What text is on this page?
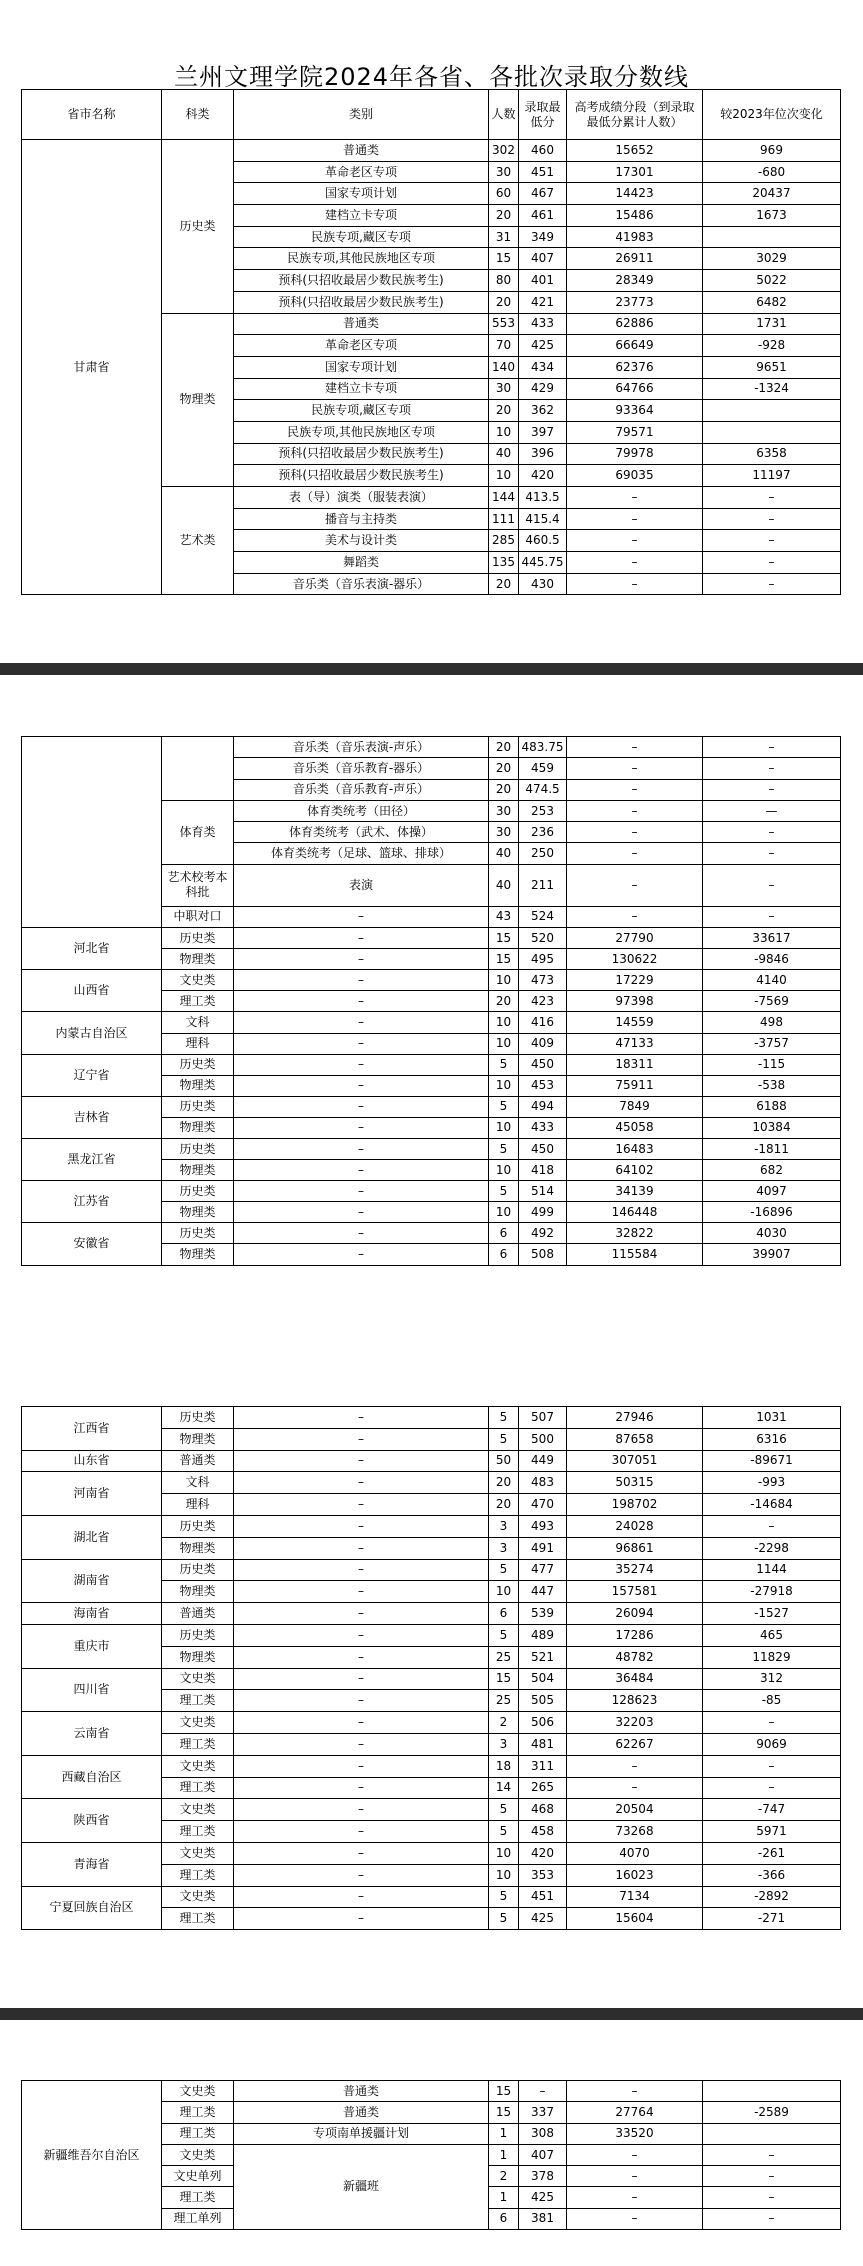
兰州文理学院2024年各省、各批次录取分数线
省市名称	科类	类别	人数	录取最低分	高考成绩分段（到录取最低分累计人数）	较2023年位次变化
甘肃省	历史类	普通类	302	460	15652	969
		革命老区专项	30	451	17301	-680
		国家专项计划	60	467	14423	20437
		建档立卡专项	20	461	15486	1673
		民族专项,藏区专项	31	349	41983	
		民族专项,其他民族地区专项	15	407	26911	3029
		预科(只招收最居少数民族考生)	80	401	28349	5022
		预科(只招收最居少数民族考生)	20	421	23773	6482
	物理类	普通类	553	433	62886	1731
		革命老区专项	70	425	66649	-928
		国家专项计划	140	434	62376	9651
		建档立卡专项	30	429	64766	-1324
		民族专项,藏区专项	20	362	93364	
		民族专项,其他民族地区专项	10	397	79571	
		预科(只招收最居少数民族考生)	40	396	79978	6358
		预科(只招收最居少数民族考生)	10	420	69035	11197
	艺术类	表（导）演类（服装表演）	144	413.5	–	–
		播音与主持类	111	415.4	–	–
		美术与设计类	285	460.5	–	–
		舞蹈类	135	445.75	–	–
		音乐类（音乐表演-器乐）	20	430	–	–
		音乐类（音乐表演-声乐）	20	483.75	–	–
		音乐类（音乐教育-器乐）	20	459	–	–
		音乐类（音乐教育-声乐）	20	474.5	–	–
	体育类	体育类统考（田径）	30	253	–	—
		体育类统考（武术、体操）	30	236	–	–
		体育类统考（足球、篮球、排球）	40	250	–	–
	艺术校考本科批	表演	40	211	–	–
	中职对口	–	43	524	–	–
河北省	历史类	–	15	520	27790	33617
	物理类	–	15	495	130622	-9846
山西省	文史类	–	10	473	17229	4140
	理工类	–	20	423	97398	-7569
内蒙古自治区	文科	–	10	416	14559	498
	理科	–	10	409	47133	-3757
辽宁省	历史类	–	5	450	18311	-115
	物理类	–	10	453	75911	-538
吉林省	历史类	–	5	494	7849	6188
	物理类	–	10	433	45058	10384
黑龙江省	历史类	–	5	450	16483	-1811
	物理类	–	10	418	64102	682
江苏省	历史类	–	5	514	34139	4097
	物理类	–	10	499	146448	-16896
安徽省	历史类	–	6	492	32822	4030
	物理类	–	6	508	115584	39907
江西省	历史类	–	5	507	27946	1031
	物理类	–	5	500	87658	6316
山东省	普通类	–	50	449	307051	-89671
河南省	文科	–	20	483	50315	-993
	理科	–	20	470	198702	-14684
湖北省	历史类	–	3	493	24028	–
	物理类	–	3	491	96861	-2298
湖南省	历史类	–	5	477	35274	1144
	物理类	–	10	447	157581	-27918
海南省	普通类	–	6	539	26094	-1527
重庆市	历史类	–	5	489	17286	465
	物理类	–	25	521	48782	11829
四川省	文史类	–	15	504	36484	312
	理工类	–	25	505	128623	-85
云南省	文史类	–	2	506	32203	–
	理工类	–	3	481	62267	9069
西藏自治区	文史类	–	18	311	–	–
	理工类	–	14	265	–	–
陕西省	文史类	–	5	468	20504	-747
	理工类	–	5	458	73268	5971
青海省	文史类	–	10	420	4070	-261
	理工类	–	10	353	16023	-366
宁夏回族自治区	文史类	–	5	451	7134	-2892
	理工类	–	5	425	15604	-271
新疆维吾尔自治区	文史类	普通类	15	–	–	
	理工类	普通类	15	337	27764	-2589
	理工类	专项南单援疆计划	1	308	33520	
	文史类	新疆班	1	407	–	–
	文史单列		2	378	–	–
	理工类		1	425	–	–
	理工单列		6	381	–	–
